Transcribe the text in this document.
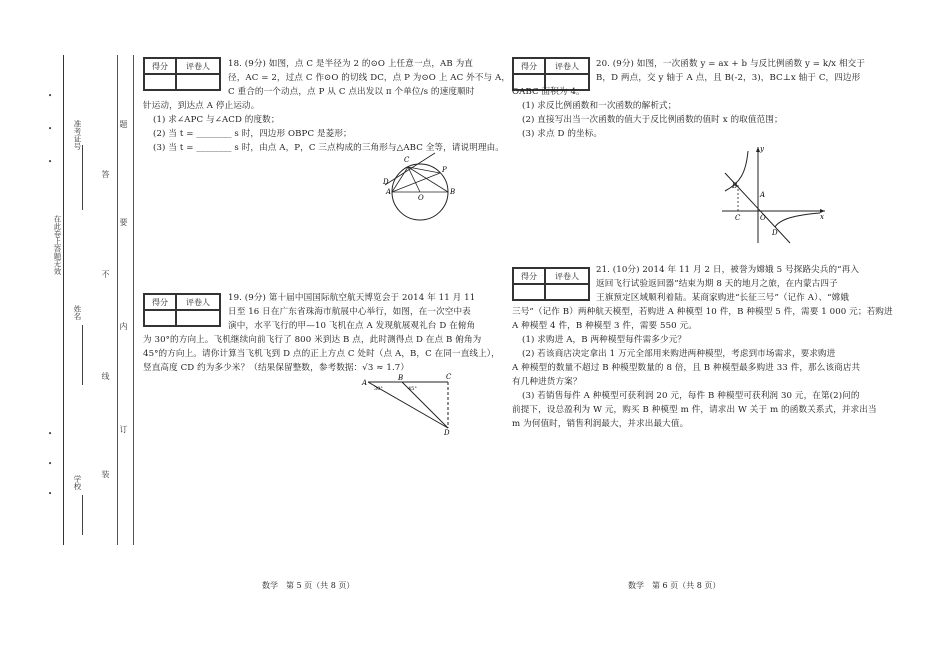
题
答
要
不
内
线
订
装
在此卷上答题无效
准考证号
姓名
学校
•
•
•
•
•
•
得分	评卷人	18. (9分) 如图，点 C 是半径为 2 的⊙O 上任意一点，AB 为直

径，AC = 2，过点 C 作⊙O 的切线 DC，点 P 为⊙O 上 AC 外不与 A，

C 重合的一个动点，点 P 从 C 点出发以 π 个单位/s 的速度顺时

针运动，到达点 A 停止运动。

(1) 求∠APC 与∠ACD 的度数；

(2) 当 t = ________ s 时，四边形 OBPC 是菱形；

(3) 当 t = ________ s 时，由点 A，P，C 三点构成的三角形与△ABC 全等，请说明理由。

C
P
D
A	B
O
得分	评卷人	19. (9分) 第十届中国国际航空航天博览会于 2014 年 11 月 11

日至 16 日在广东省珠海市航展中心举行，如图，在一次空中表

演中，水平飞行的甲—10 飞机在点 A 发现航展观礼台 D 在俯角

为 30°的方向上。飞机继续向前飞行了 800 米到达 B 点，此时测得点 D 在点 B 俯角为

45°的方向上。请你计算当飞机飞到 D 点的正上方点 C 处时（点 A，B，C 在同一直线上），

竖直高度 CD 约为多少米？（结果保留整数，参考数据：√3 ≈ 1.7）

A
B	C
D
30°	45°
数学　第 5 页（共 8 页）
得分	评卷人	20. (9分) 如图，一次函数 y = ax + b 与反比例函数 y = k/x 相交于

B，D 两点，交 y 轴于 A 点，且 B(-2，3)，BC⊥x 轴于 C，四边形

OABC 面积为 4。

(1) 求反比例函数和一次函数的解析式；

(2) 直接写出当一次函数的值大于反比例函数的值时 x 的取值范围；

(3) 求点 D 的坐标。

y
x
B
A
C	O
D
得分	评卷人

21. (10分) 2014 年 11 月 2 日，被誉为嫦娥 5 号探路尖兵的“再入

返回飞行试验返回器”结束为期 8 天的地月之旅，在内蒙古四子

王旗预定区域顺利着陆。某商家购进“长征三号”（记作 A）、“嫦娥

三号”（记作 B）两种航天模型，若购进 A 种模型 10 件，B 种模型 5 件，需要 1 000 元；若购进

A 种模型 4 件，B 种模型 3 件，需要 550 元。

(1) 求购进 A，B 两种模型每件需多少元？

(2) 若该商店决定拿出 1 万元全部用来购进两种模型，考虑到市场需求，要求购进

A 种模型的数量不超过 B 种模型数量的 8 倍，且 B 种模型最多购进 33 件，那么该商店共

有几种进货方案？

(3) 若销售每件 A 种模型可获利润 20 元，每件 B 种模型可获利润 30 元，在第(2)问的

前提下，设总盈利为 W 元，购买 B 种模型 m 件，请求出 W 关于 m 的函数关系式，并求出当

m 为何值时，销售利润最大，并求出最大值。

数学　第 6 页（共 8 页）
